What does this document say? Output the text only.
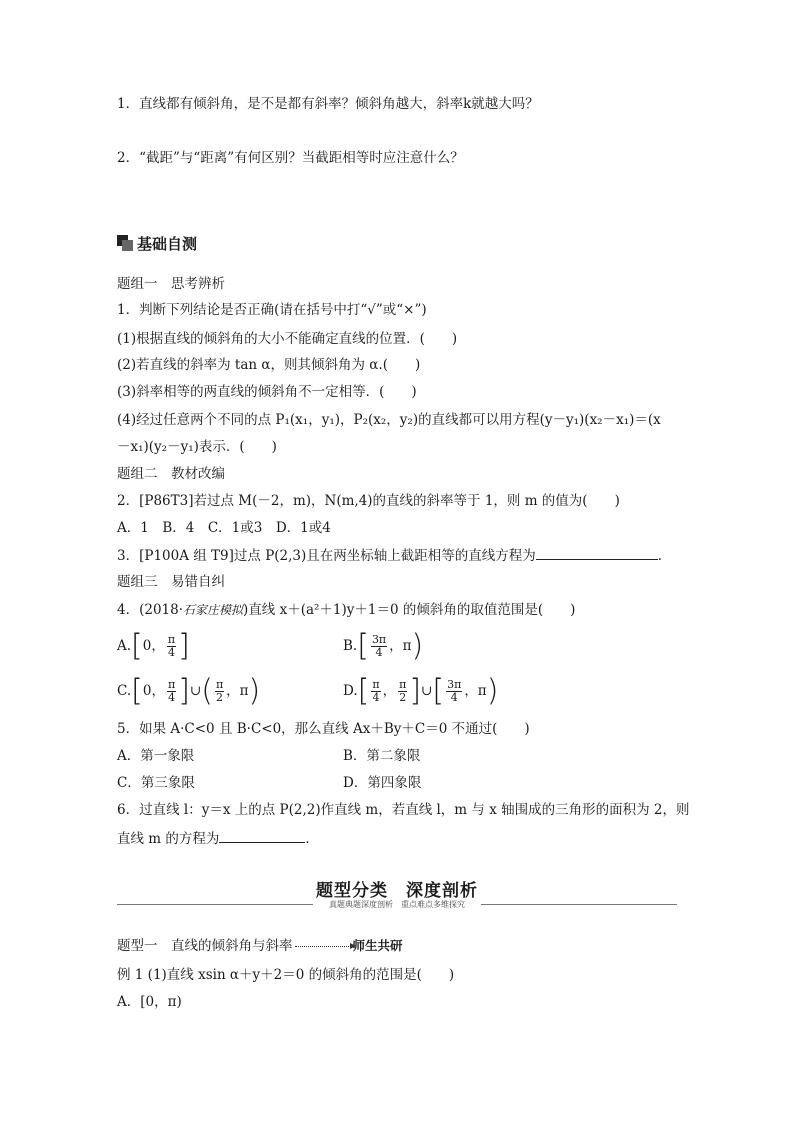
1．直线都有倾斜角，是不是都有斜率？倾斜角越大，斜率k就越大吗？
2．“截距”与“距离”有何区别？当截距相等时应注意什么？
基础自测
题组一　思考辨析
1．判断下列结论是否正确(请在括号中打“√”或“×”)
(1)根据直线的倾斜角的大小不能确定直线的位置．(　　)
(2)若直线的斜率为 tan α，则其倾斜角为 α.(　　)
(3)斜率相等的两直线的倾斜角不一定相等．(　　)
(4)经过任意两个不同的点 P₁(x₁，y₁)，P₂(x₂，y₂)的直线都可以用方程(y－y₁)(x₂－x₁)＝(x
－x₁)(y₂－y₁)表示．(　　)
题组二　教材改编
2．[P86T3]若过点 M(－2，m)，N(m,4)的直线的斜率等于 1，则 m 的值为(　　)
A．1　B．4　C．1或3　D．1或4
3．[P100A 组 T9]过点 P(2,3)且在两坐标轴上截距相等的直线方程为	．
题组三　易错自纠
4．(2018·石家庄模拟)直线 x＋(a²＋1)y＋1＝0 的倾斜角的取值范围是(　　)
A.[0， $\frac{\pi}{4}$ ]	$B.[ \frac{3\pi}{4}$ ，π)
C.[0， $\frac{\pi}{4}$ ]∪( $\frac{\pi}{2}$ ，π)	$D.[ \frac{\pi}{4}$ ， $\frac{\pi}{2}$ ]∪[ $\frac{3\pi}{4}$ ，π)
5．如果 A·C<0 且 B·C<0，那么直线 Ax＋By＋C＝0 不通过(　　)
A．第一象限	B．第二象限
C．第三象限	D．第四象限
6．过直线 l：y＝x 上的点 P(2,2)作直线 m，若直线 l，m 与 x 轴围成的三角形的面积为 2，则
直线 m 的方程为	．
题型分类　深度剖析
真题典题深度剖析　重点难点多维探究
题型一　直线的倾斜角与斜率	师生共研
例 1 (1)直线 xsin α＋y＋2＝0 的倾斜角的范围是(　　)
A．[0，π)
